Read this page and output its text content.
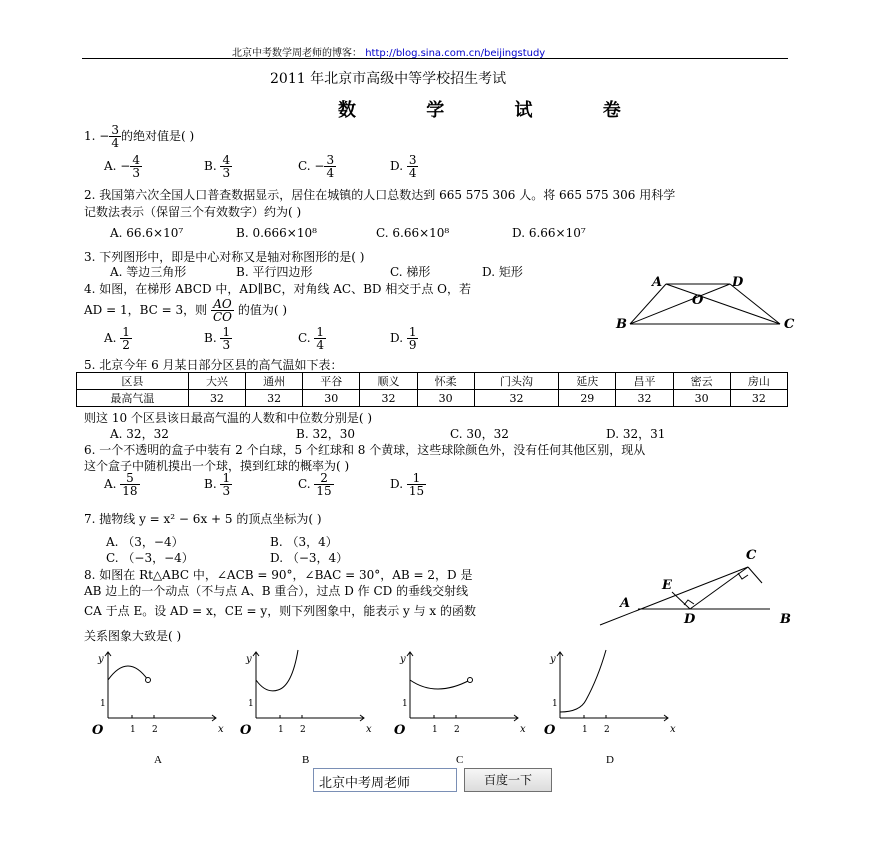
北京中考数学周老师的博客： http://blog.sina.com.cn/beijingstudy
2011 年北京市高级中等学校招生考试
数 学 试 卷
1. − $\frac{3}{4}$ 的绝对值是( )
A. − $\frac{4}{3}$	B. $\frac{4}{3}$	C. − $\frac{3}{4}$	D. $\frac{3}{4}$
2. 我国第六次全国人口普查数据显示，居住在城镇的人口总数达到 665 575 306 人。将 665 575 306 用科学
记数法表示（保留三个有效数字）约为( )
A. 66.6×10⁷	B. 0.666×10⁸	C. 6.66×10⁸	D. 6.66×10⁷
3. 下列图形中，即是中心对称又是轴对称图形的是( )
A. 等边三角形	B. 平行四边形	C. 梯形	D. 矩形
4. 如图，在梯形 ABCD 中，AD∥BC，对角线 AC、BD 相交于点 O，若
AD = 1，BC = 3，则 $\frac{AO}{CO}$ 的值为( )
A. $\frac{1}{2}$	B. $\frac{1}{3}$	C. $\frac{1}{4}$	D. $\frac{1}{9}$
A	D
O
B	C
5. 北京今年 6 月某日部分区县的高气温如下表：
区县	大兴	通州	平谷	顺义	怀柔	门头沟	延庆	昌平	密云	房山
最高气温	32	32	30	32	30	32	29	32	30	32
则这 10 个区县该日最高气温的人数和中位数分别是( )
A. 32，32	B. 32，30	C. 30，32	D. 32，31
6. 一个不透明的盒子中装有 2 个白球，5 个红球和 8 个黄球，这些球除颜色外，没有任何其他区别，现从
这个盒子中随机摸出一个球，摸到红球的概率为( )
A. $\frac{5}{18}$	B. $\frac{1}{3}$	C. $\frac{2}{15}$	D. $\frac{1}{15}$
7. 抛物线 y = x² − 6x + 5 的顶点坐标为( )
A. （3，−4）	B. （3，4）
C. （−3，−4）	D. （−3，4）
8. 如图在 Rt△ABC 中，∠ACB = 90°，∠BAC = 30°，AB = 2，D 是
AB 边上的一个动点（不与点 A、B 重合），过点 D 作 CD 的垂线交射线
CA 于点 E。设 AD = x，CE = y，则下列图象中，能表示 y 与 x 的函数
关系图象大致是( )
C
E
A
D	B
y
x
O
1
1 2
A
y
x
O
1
1 2
B
y
x
O
1
1 2
C
y
x
O
1
1 2
D
北京中考周老师	百度一下
